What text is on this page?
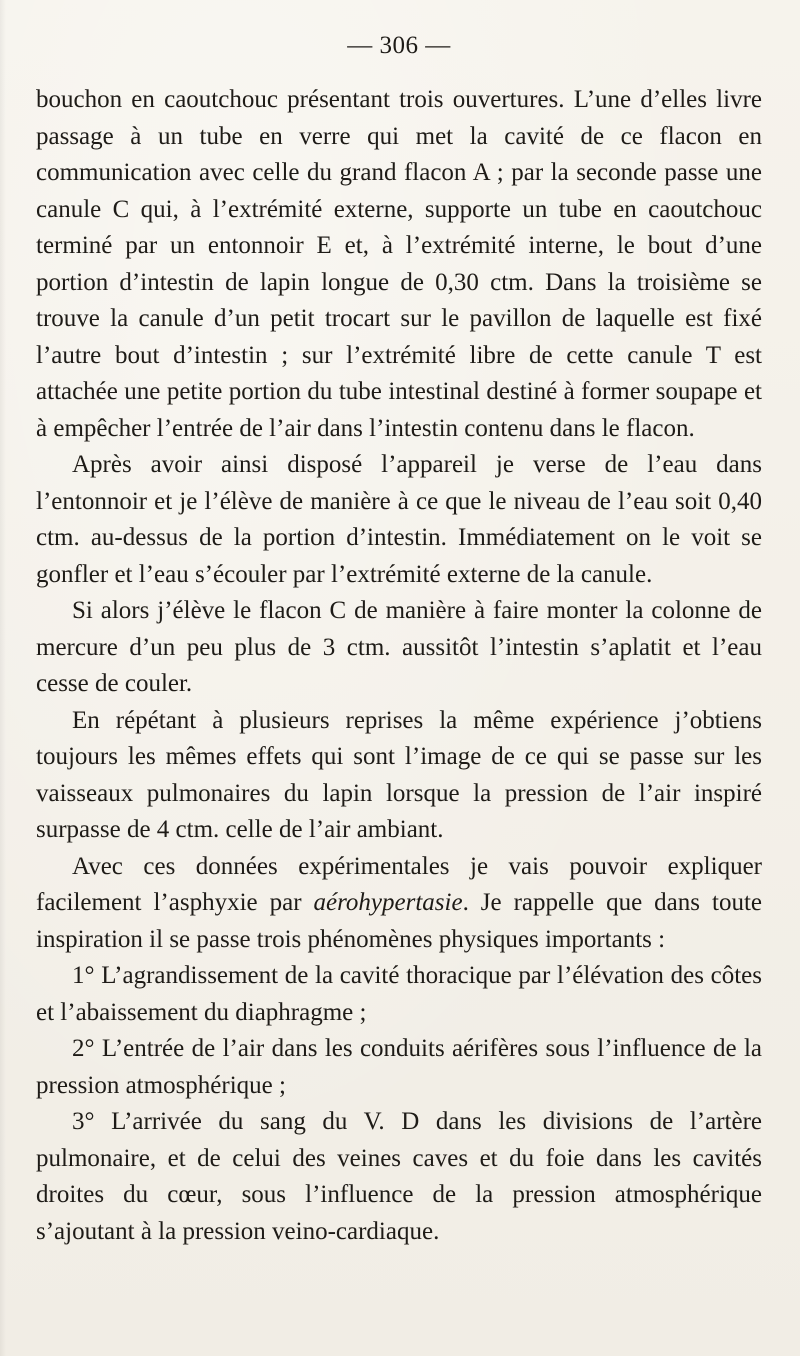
— 306 —

bouchon en caoutchouc présentant trois ouvertures. L’une d’elles livre passage à un tube en verre qui met la cavité de ce flacon en communication avec celle du grand flacon A ; par la seconde passe une canule C qui, à l’extrémité externe, supporte un tube en caoutchouc terminé par un entonnoir E et, à l’extrémité interne, le bout d’une portion d’intestin de lapin longue de 0,30 ctm. Dans la troisième se trouve la canule d’un petit trocart sur le pavillon de laquelle est fixé l’autre bout d’intestin ; sur l’extrémité libre de cette canule T est attachée une petite portion du tube intestinal destiné à former soupape et à empêcher l’entrée de l’air dans l’intestin contenu dans le flacon.

Après avoir ainsi disposé l’appareil je verse de l’eau dans l’entonnoir et je l’élève de manière à ce que le niveau de l’eau soit 0,40 ctm. au-dessus de la portion d’intestin. Immédiatement on le voit se gonfler et l’eau s’écouler par l’extrémité externe de la canule.

Si alors j’élève le flacon C de manière à faire monter la colonne de mercure d’un peu plus de 3 ctm. aussitôt l’intestin s’aplatit et l’eau cesse de couler.

En répétant à plusieurs reprises la même expérience j’obtiens toujours les mêmes effets qui sont l’image de ce qui se passe sur les vaisseaux pulmonaires du lapin lorsque la pression de l’air inspiré surpasse de 4 ctm. celle de l’air ambiant.

Avec ces données expérimentales je vais pouvoir expliquer facilement l’asphyxie par aérohypertasie. Je rappelle que dans toute inspiration il se passe trois phénomènes physiques importants :

1° L’agrandissement de la cavité thoracique par l’élévation des côtes et l’abaissement du diaphragme ;

2° L’entrée de l’air dans les conduits aérifères sous l’influence de la pression atmosphérique ;

3° L’arrivée du sang du V. D dans les divisions de l’artère pulmonaire, et de celui des veines caves et du foie dans les cavités droites du cœur, sous l’influence de la pression atmosphérique s’ajoutant à la pression veino-cardiaque.
